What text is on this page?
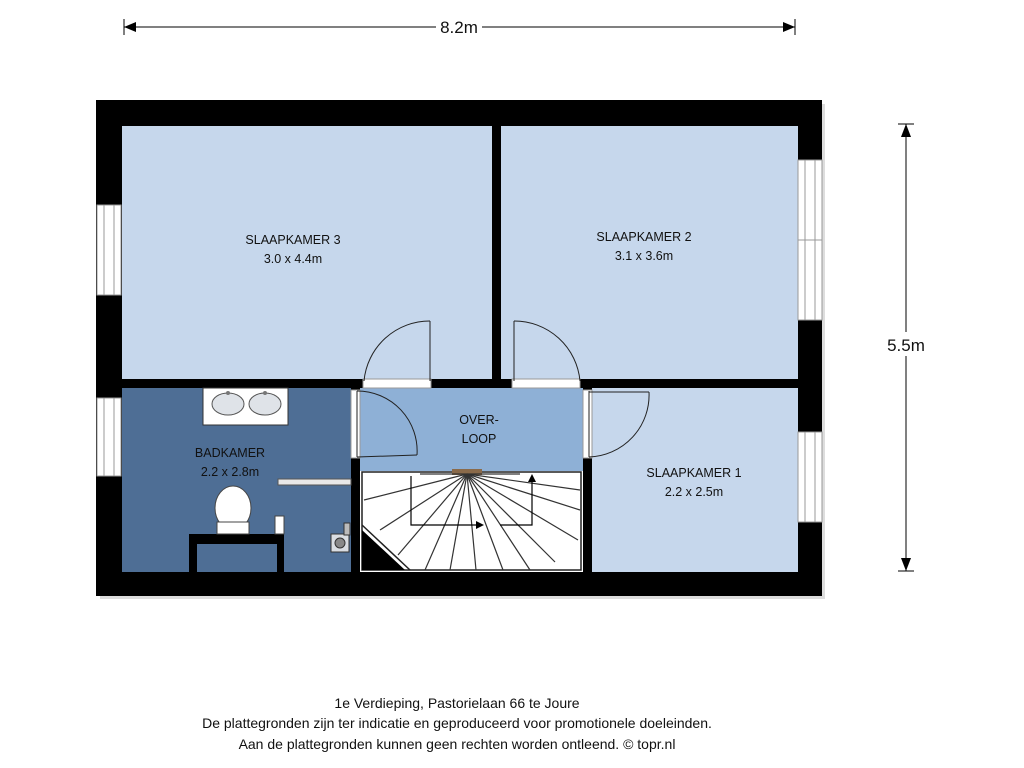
8.2m
5.5m
SLAAPKAMER 3
3.0 x 4.4m
SLAAPKAMER 2
3.1 x 3.6m
SLAAPKAMER 1
2.2 x 2.5m
BADKAMER
2.2 x 2.8m
OVER-
LOOP
1e Verdieping, Pastorielaan 66 te Joure
De plattegronden zijn ter indicatie en geproduceerd voor promotionele doeleinden.
Aan de plattegronden kunnen geen rechten worden ontleend. © topr.nl
